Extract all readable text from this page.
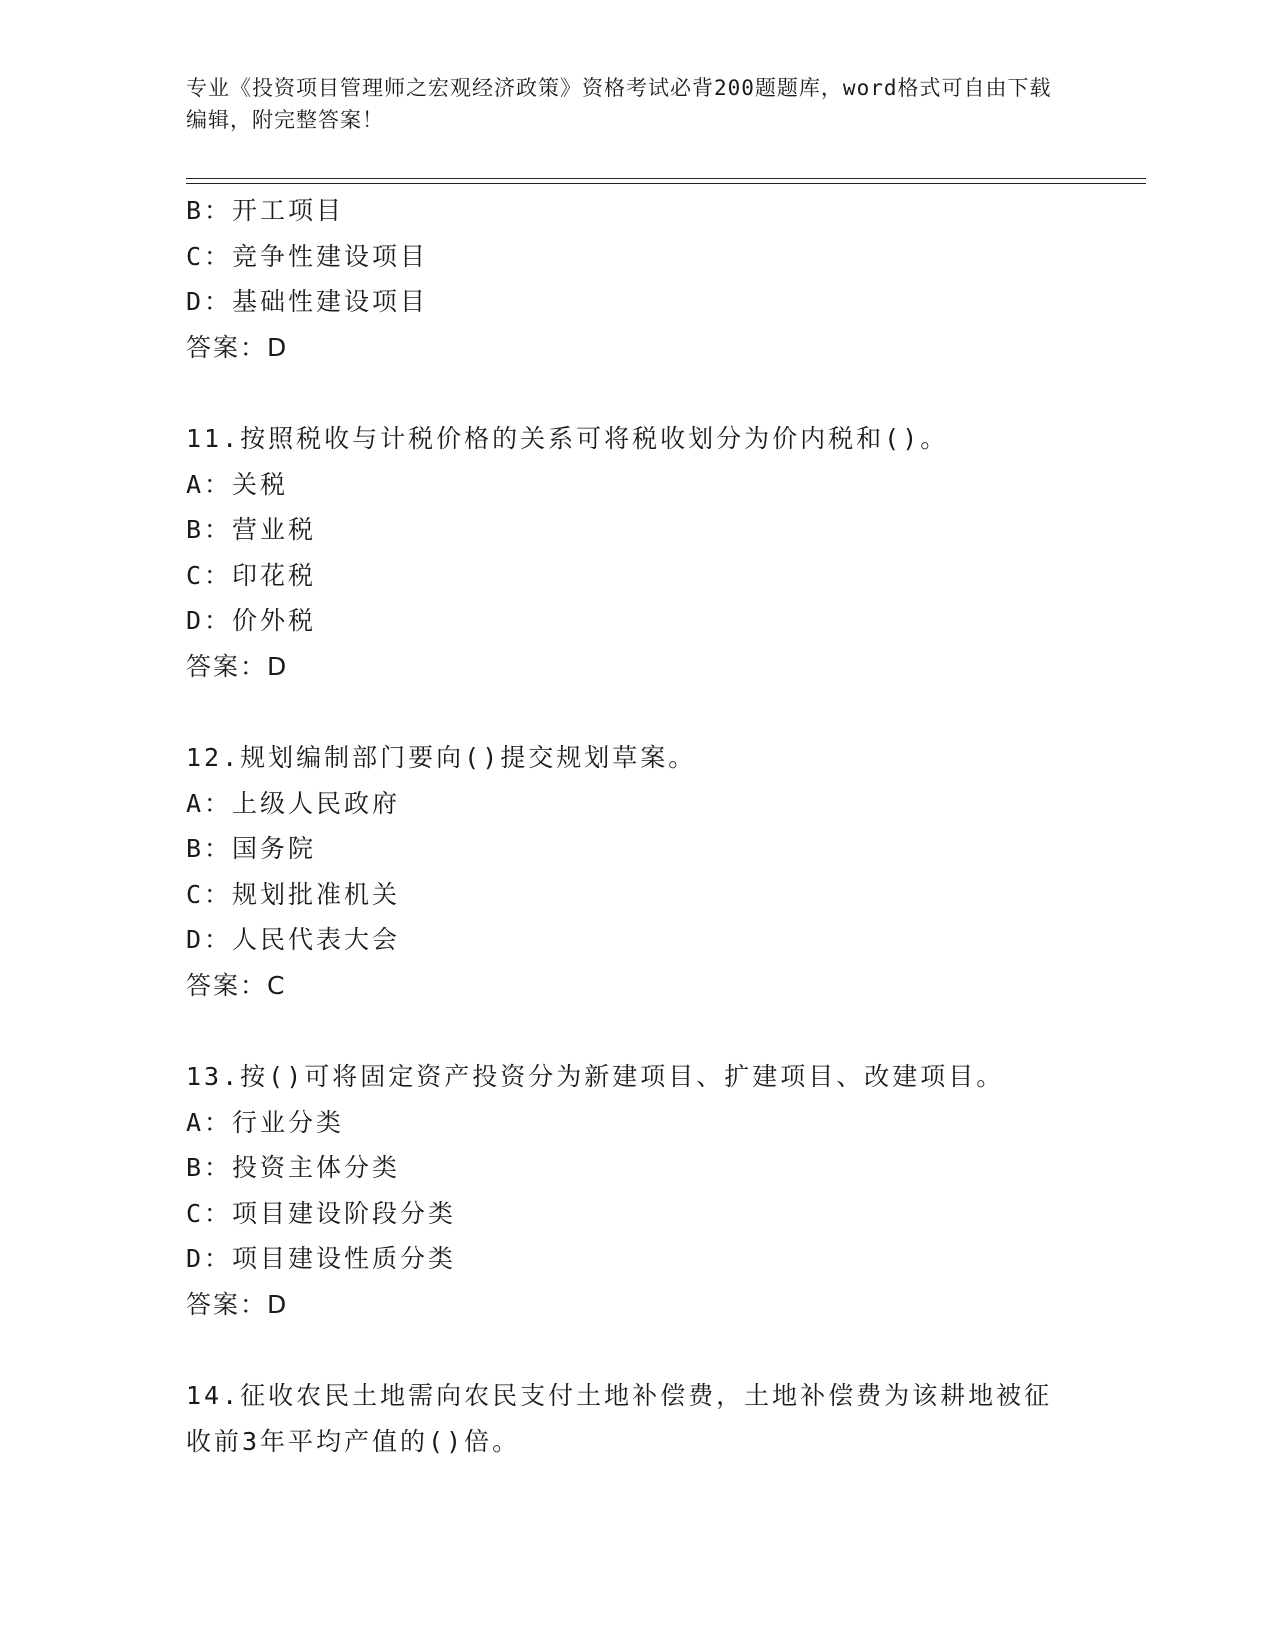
专业《投资项目管理师之宏观经济政策》资格考试必背200题题库，word格式可自由下载编辑，附完整答案！
B：开工项目
C：竞争性建设项目
D：基础性建设项目
答案：D
11.按照税收与计税价格的关系可将税收划分为价内税和()。
A：关税
B：营业税
C：印花税
D：价外税
答案：D
12.规划编制部门要向()提交规划草案。
A：上级人民政府
B：国务院
C：规划批准机关
D：人民代表大会
答案：C
13.按()可将固定资产投资分为新建项目、扩建项目、改建项目。
A：行业分类
B：投资主体分类
C：项目建设阶段分类
D：项目建设性质分类
答案：D
14.征收农民土地需向农民支付土地补偿费，土地补偿费为该耕地被征
收前3年平均产值的()倍。
